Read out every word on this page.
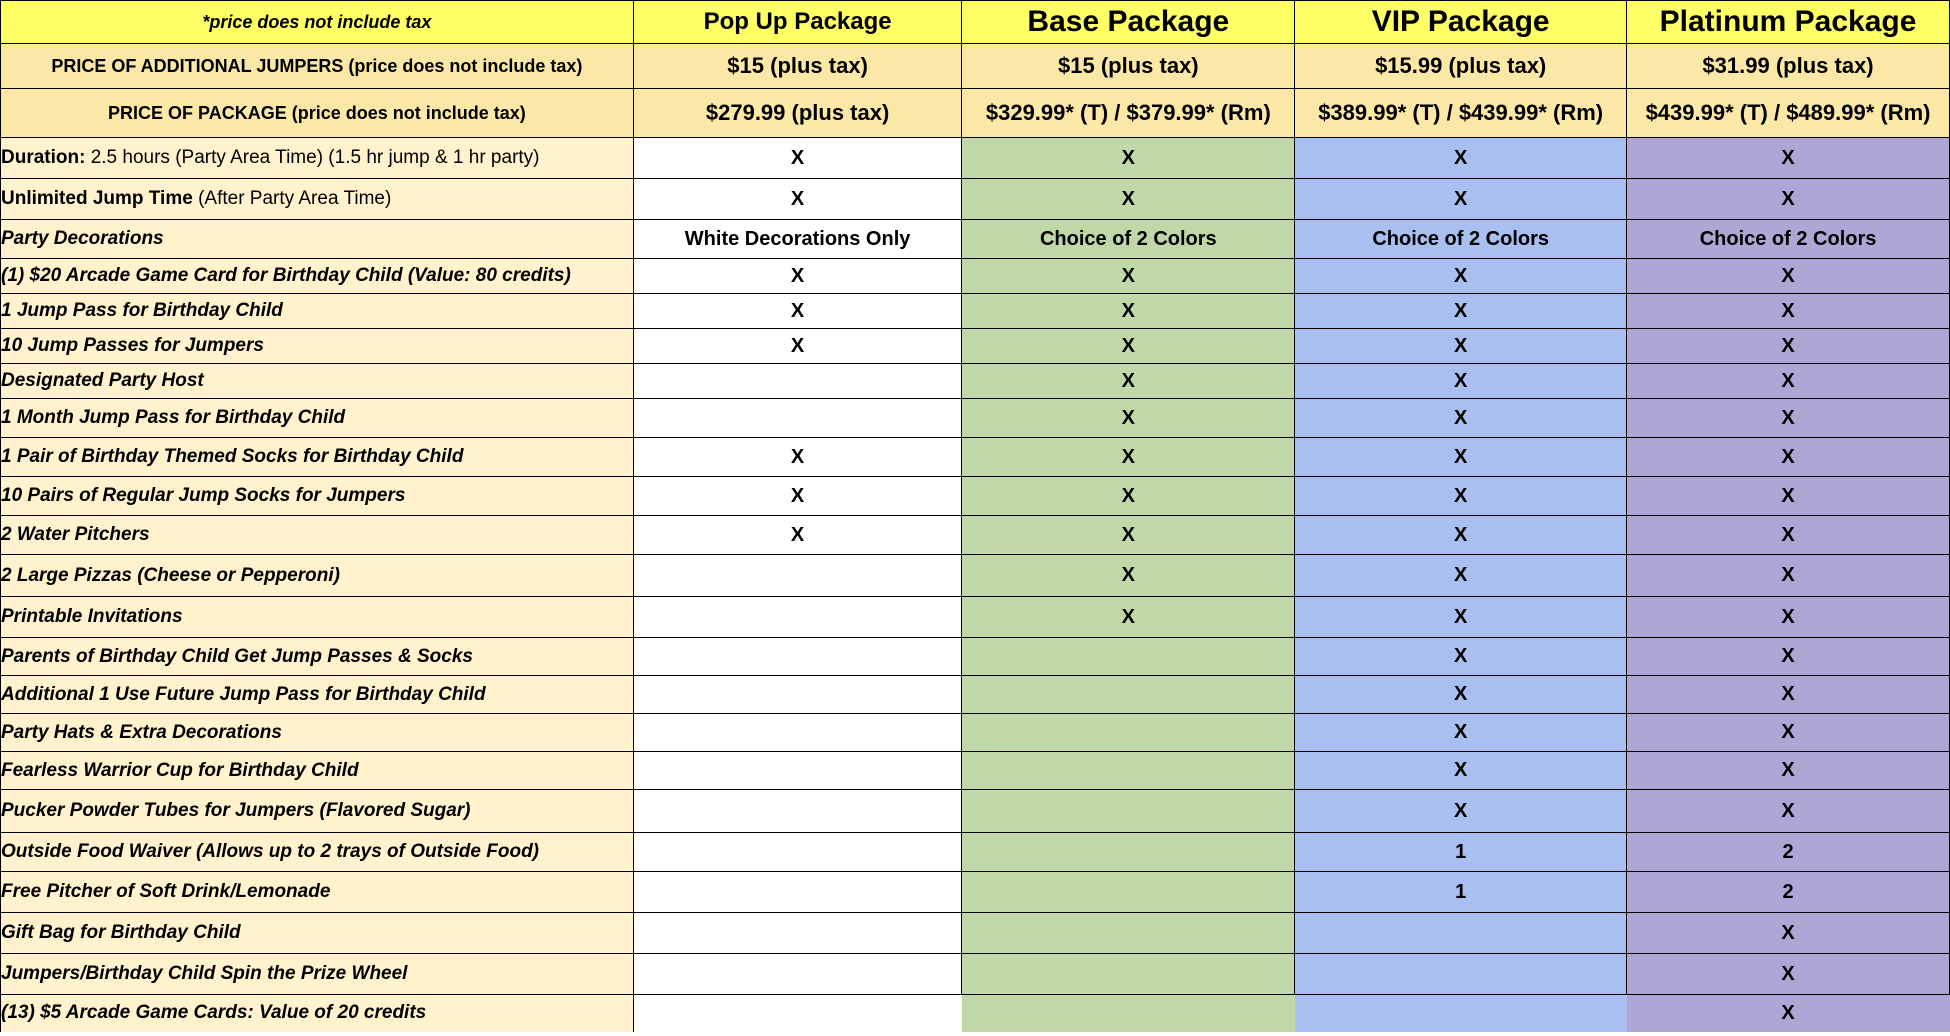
*price does not include tax	Pop Up Package	Base Package	VIP Package	Platinum Package
PRICE OF ADDITIONAL JUMPERS (price does not include tax)	$15 (plus tax)	$15 (plus tax)	$15.99 (plus tax)	$31.99 (plus tax)
PRICE OF PACKAGE (price does not include tax)	$279.99 (plus tax)	$329.99* (T) / $379.99* (Rm)	$389.99* (T) / $439.99* (Rm)	$439.99* (T) / $489.99* (Rm)
Duration: 2.5 hours (Party Area Time) (1.5 hr jump & 1 hr party)	X	X	X	X
Unlimited Jump Time (After Party Area Time)	X	X	X	X
Party Decorations	White Decorations Only	Choice of 2 Colors	Choice of 2 Colors	Choice of 2 Colors
(1) $20 Arcade Game Card for Birthday Child (Value: 80 credits)	X	X	X	X
1 Jump Pass for Birthday Child	X	X	X	X
10 Jump Passes for Jumpers	X	X	X	X
Designated Party Host		X	X	X
1 Month Jump Pass for Birthday Child		X	X	X
1 Pair of Birthday Themed Socks for Birthday Child	X	X	X	X
10 Pairs of Regular Jump Socks for Jumpers	X	X	X	X
2 Water Pitchers	X	X	X	X
2 Large Pizzas (Cheese or Pepperoni)		X	X	X
Printable Invitations		X	X	X
Parents of Birthday Child Get Jump Passes & Socks			X	X
Additional 1 Use Future Jump Pass for Birthday Child			X	X
Party Hats & Extra Decorations			X	X
Fearless Warrior Cup for Birthday Child			X	X
Pucker Powder Tubes for Jumpers (Flavored Sugar)			X	X
Outside Food Waiver (Allows up to 2 trays of Outside Food)			1	2
Free Pitcher of Soft Drink/Lemonade			1	2
Gift Bag for Birthday Child				X
Jumpers/Birthday Child Spin the Prize Wheel				X
(13) $5 Arcade Game Cards: Value of 20 credits				X
